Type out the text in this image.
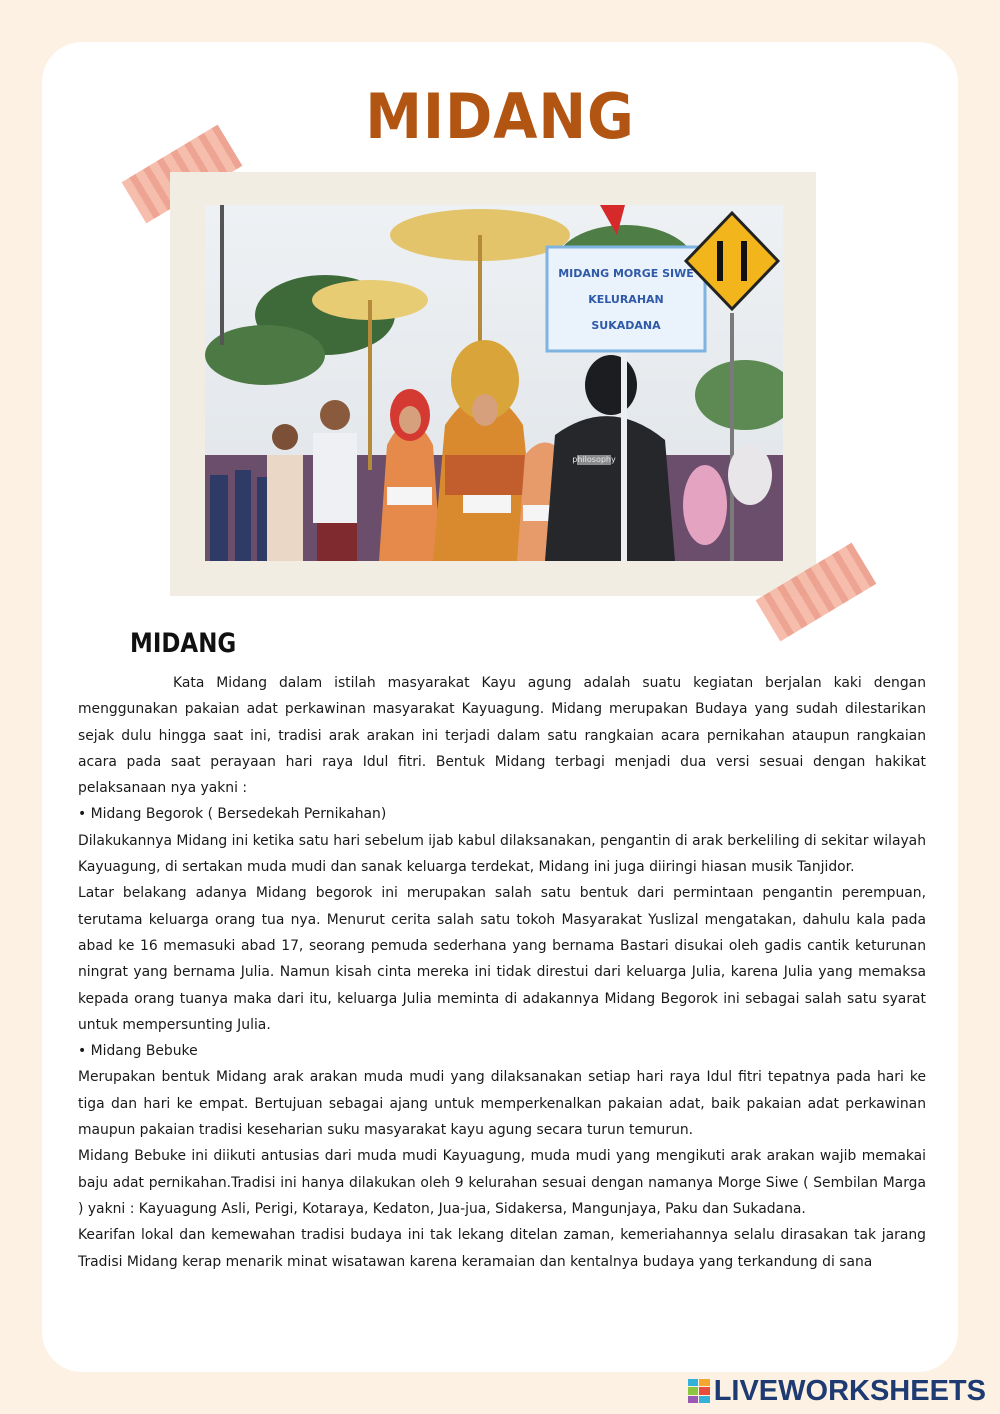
MIDANG
philosophy
MIDANG MORGE SIWE
KELURAHAN
SUKADANA
MIDANG

Kata Midang dalam istilah masyarakat Kayu agung adalah suatu kegiatan berjalan kaki dengan menggunakan pakaian adat perkawinan masyarakat Kayuagung. Midang merupakan Budaya yang sudah dilestarikan sejak dulu hingga saat ini, tradisi arak arakan ini terjadi dalam satu rangkaian acara pernikahan ataupun rangkaian acara pada saat perayaan hari raya Idul fitri. Bentuk Midang terbagi menjadi dua versi sesuai dengan hakikat pelaksanaan nya yakni :

• Midang Begorok ( Bersedekah Pernikahan)

Dilakukannya Midang ini ketika satu hari sebelum ijab kabul dilaksanakan, pengantin di arak berkeliling di sekitar wilayah Kayuagung, di sertakan muda mudi dan sanak keluarga terdekat, Midang ini juga diiringi hiasan musik Tanjidor.

Latar belakang adanya Midang begorok ini merupakan salah satu bentuk dari permintaan pengantin perempuan, terutama keluarga orang tua nya. Menurut cerita salah satu tokoh Masyarakat Yuslizal mengatakan, dahulu kala pada abad ke 16 memasuki abad 17, seorang pemuda sederhana yang bernama Bastari disukai oleh gadis cantik keturunan ningrat yang bernama Julia. Namun kisah cinta mereka ini tidak direstui dari keluarga Julia, karena Julia yang memaksa kepada orang tuanya maka dari itu, keluarga Julia meminta di adakannya Midang Begorok ini sebagai salah satu syarat untuk mempersunting Julia.

• Midang Bebuke

Merupakan bentuk Midang arak arakan muda mudi yang dilaksanakan setiap hari raya Idul fitri tepatnya pada hari ke tiga dan hari ke empat. Bertujuan sebagai ajang untuk memperkenalkan pakaian adat, baik pakaian adat perkawinan maupun pakaian tradisi keseharian suku masyarakat kayu agung secara turun temurun.

Midang Bebuke ini diikuti antusias dari muda mudi Kayuagung, muda mudi yang mengikuti arak arakan wajib memakai baju adat pernikahan.Tradisi ini hanya dilakukan oleh 9 kelurahan sesuai dengan namanya Morge Siwe ( Sembilan Marga ) yakni : Kayuagung Asli, Perigi, Kotaraya, Kedaton, Jua-jua, Sidakersa, Mangunjaya, Paku dan Sukadana.

Kearifan lokal dan kemewahan tradisi budaya ini tak lekang ditelan zaman, kemeriahannya selalu dirasakan tak jarang Tradisi Midang kerap menarik minat wisatawan karena keramaian dan kentalnya budaya yang terkandung di sana

LIVEWORKSHEETS
